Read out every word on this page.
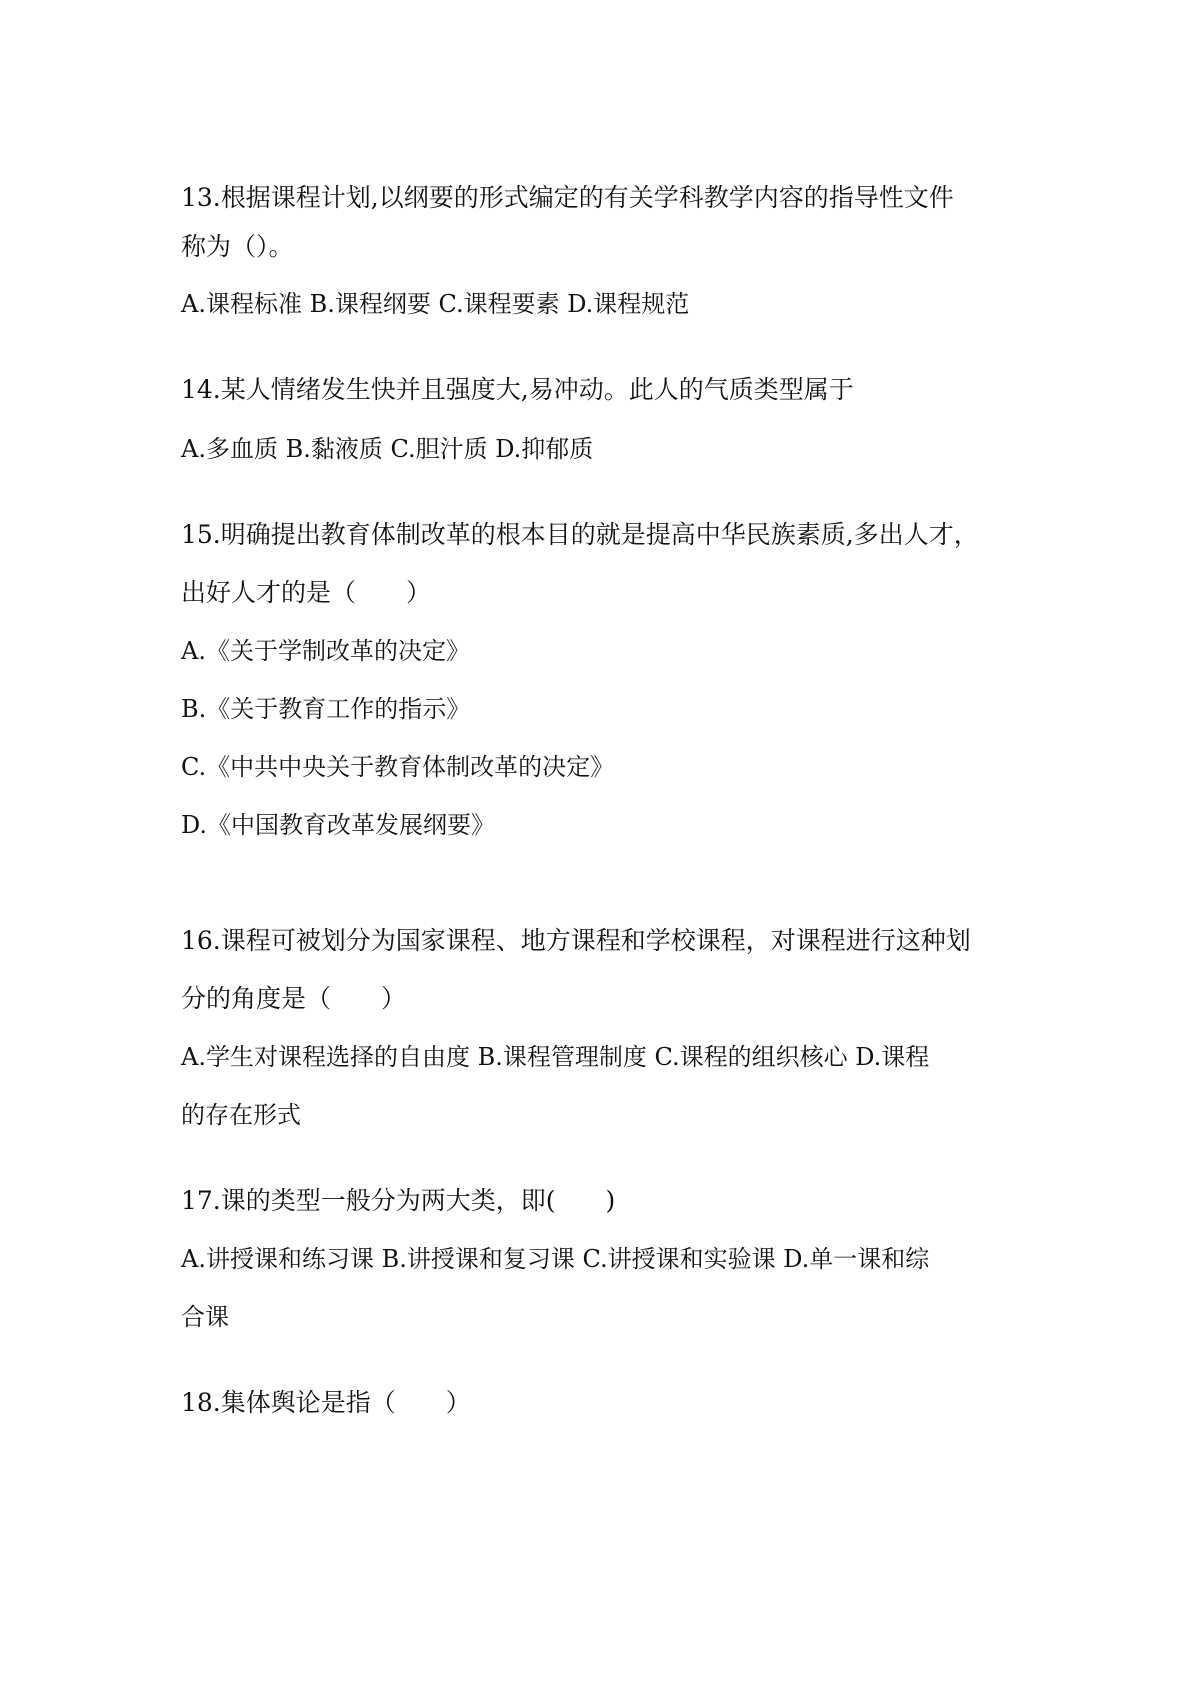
13.根据课程计划,以纲要的形式编定的有关学科教学内容的指导性文件
称为（）。
A.课程标准 B.课程纲要 C.课程要素 D.课程规范
14.某人情绪发生快并且强度大,易冲动。此人的气质类型属于
A.多血质 B.黏液质 C.胆汁质 D.抑郁质
15.明确提出教育体制改革的根本目的就是提高中华民族素质,多出人才，
出好人才的是（　　）
A.《关于学制改革的决定》
B.《关于教育工作的指示》
C.《中共中央关于教育体制改革的决定》
D.《中国教育改革发展纲要》
16.课程可被划分为国家课程、地方课程和学校课程，对课程进行这种划
分的角度是（　　）
A.学生对课程选择的自由度 B.课程管理制度 C.课程的组织核心 D.课程
的存在形式
17.课的类型一般分为两大类，即(　　)
A.讲授课和练习课 B.讲授课和复习课 C.讲授课和实验课 D.单一课和综
合课
18.集体舆论是指（　　）
